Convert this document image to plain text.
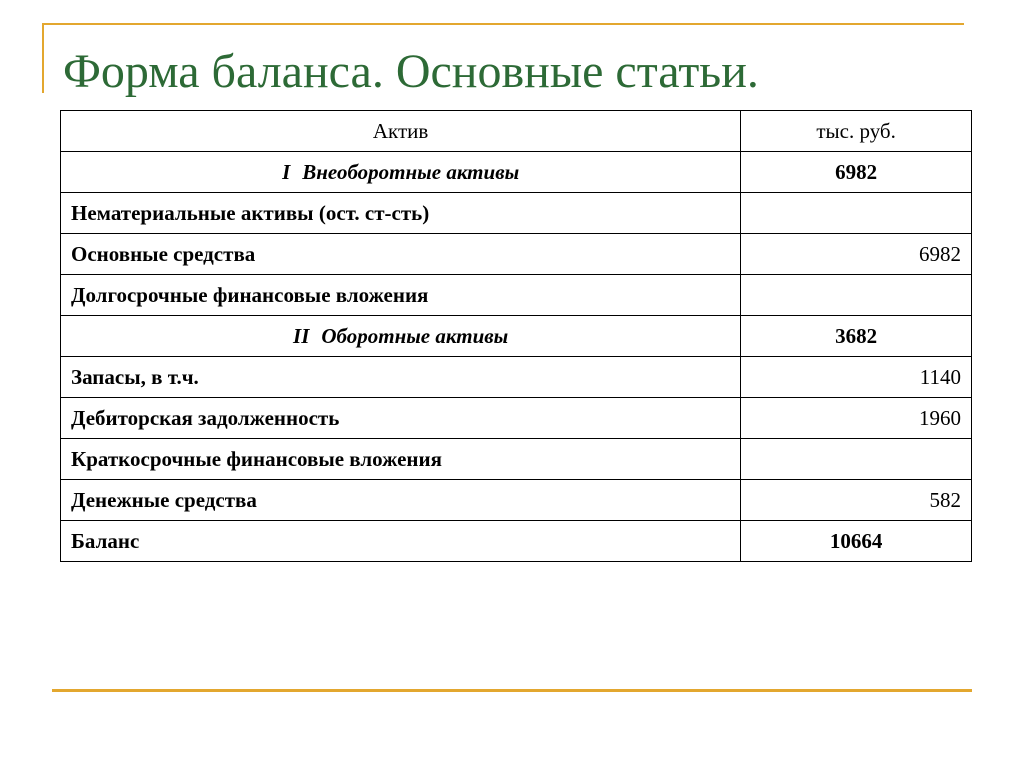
Форма баланса. Основные статьи.
Актив	тыс. руб.
I Внеоборотные активы	6982
Нематериальные активы (ост. ст-сть)	
Основные средства	6982
Долгосрочные финансовые вложения	
II Оборотные активы	3682
Запасы, в т.ч.	1140
Дебиторская задолженность	1960
Краткосрочные финансовые вложения	
Денежные средства	582
Баланс	10664
